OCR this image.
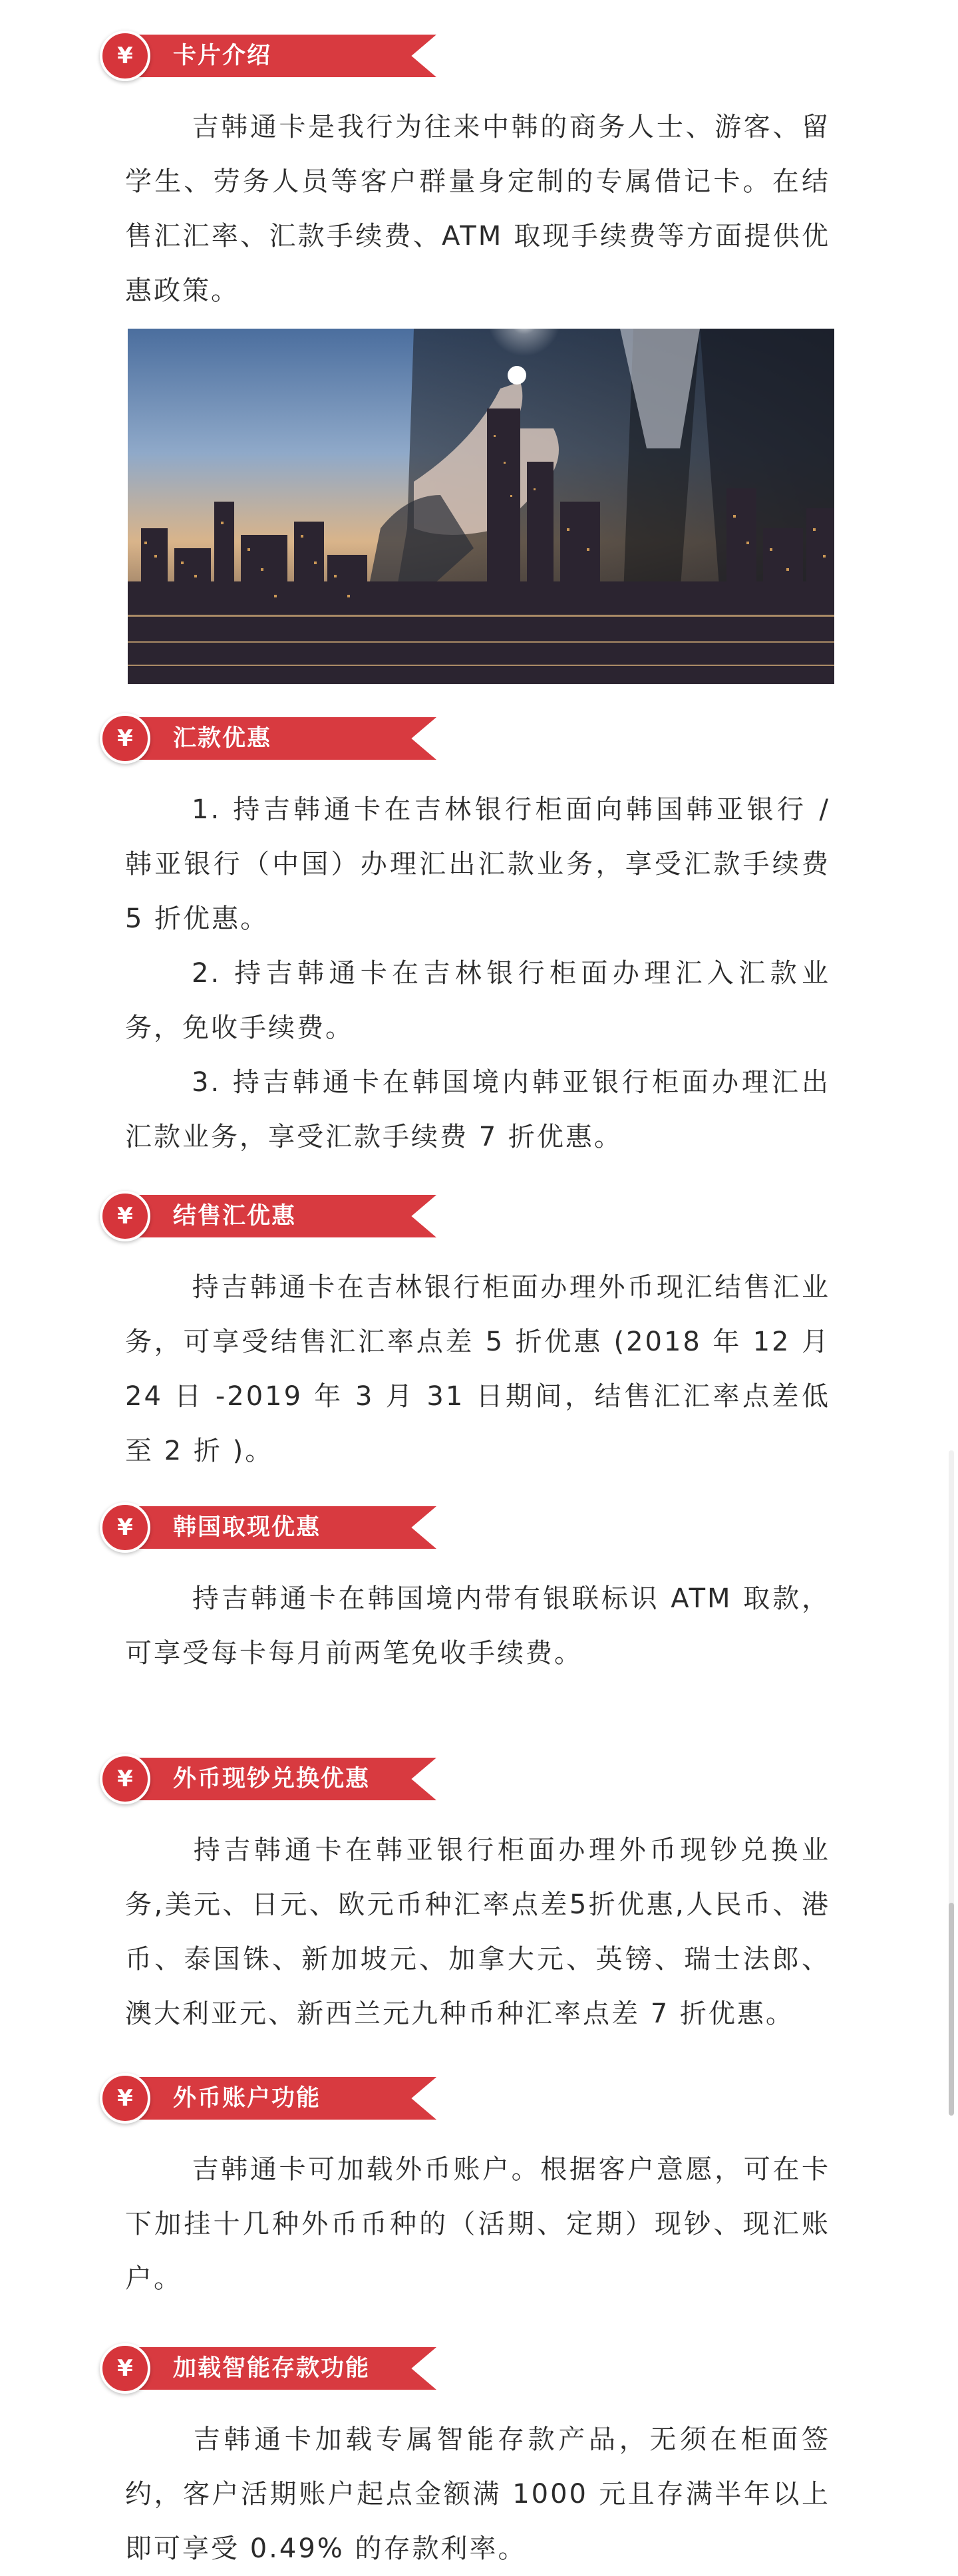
¥	卡片介绍

吉韩通卡是我行为往来中韩的商务人士、游客、留学生、劳务人员等客户群量身定制的专属借记卡。在结售汇汇率、汇款手续费、ATM 取现手续费等方面提供优惠政策。

¥	汇款优惠

1. 持吉韩通卡在吉林银行柜面向韩国韩亚银行 / 韩亚银行（中国）办理汇出汇款业务，享受汇款手续费 5 折优惠。

2. 持吉韩通卡在吉林银行柜面办理汇入汇款业务，免收手续费。

3. 持吉韩通卡在韩国境内韩亚银行柜面办理汇出汇款业务，享受汇款手续费 7 折优惠。

¥	结售汇优惠

持吉韩通卡在吉林银行柜面办理外币现汇结售汇业务，可享受结售汇汇率点差 5 折优惠 (2018 年 12 月 24 日 -2019 年 3 月 31 日期间，结售汇汇率点差低至 2 折 )。

¥	韩国取现优惠

持吉韩通卡在韩国境内带有银联标识 ATM 取款，可享受每卡每月前两笔免收手续费。

¥	外币现钞兑换优惠

持吉韩通卡在韩亚银行柜面办理外币现钞兑换业务,美元、日元、欧元币种汇率点差5折优惠,人民币、港币、泰国铢、新加坡元、加拿大元、英镑、瑞士法郎、澳大利亚元、新西兰元九种币种汇率点差 7 折优惠。

¥	外币账户功能

吉韩通卡可加载外币账户。根据客户意愿，可在卡下加挂十几种外币币种的（活期、定期）现钞、现汇账户。

¥	加载智能存款功能

吉韩通卡加载专属智能存款产品，无须在柜面签约，客户活期账户起点金额满 1000 元且存满半年以上即可享受 0.49% 的存款利率。
